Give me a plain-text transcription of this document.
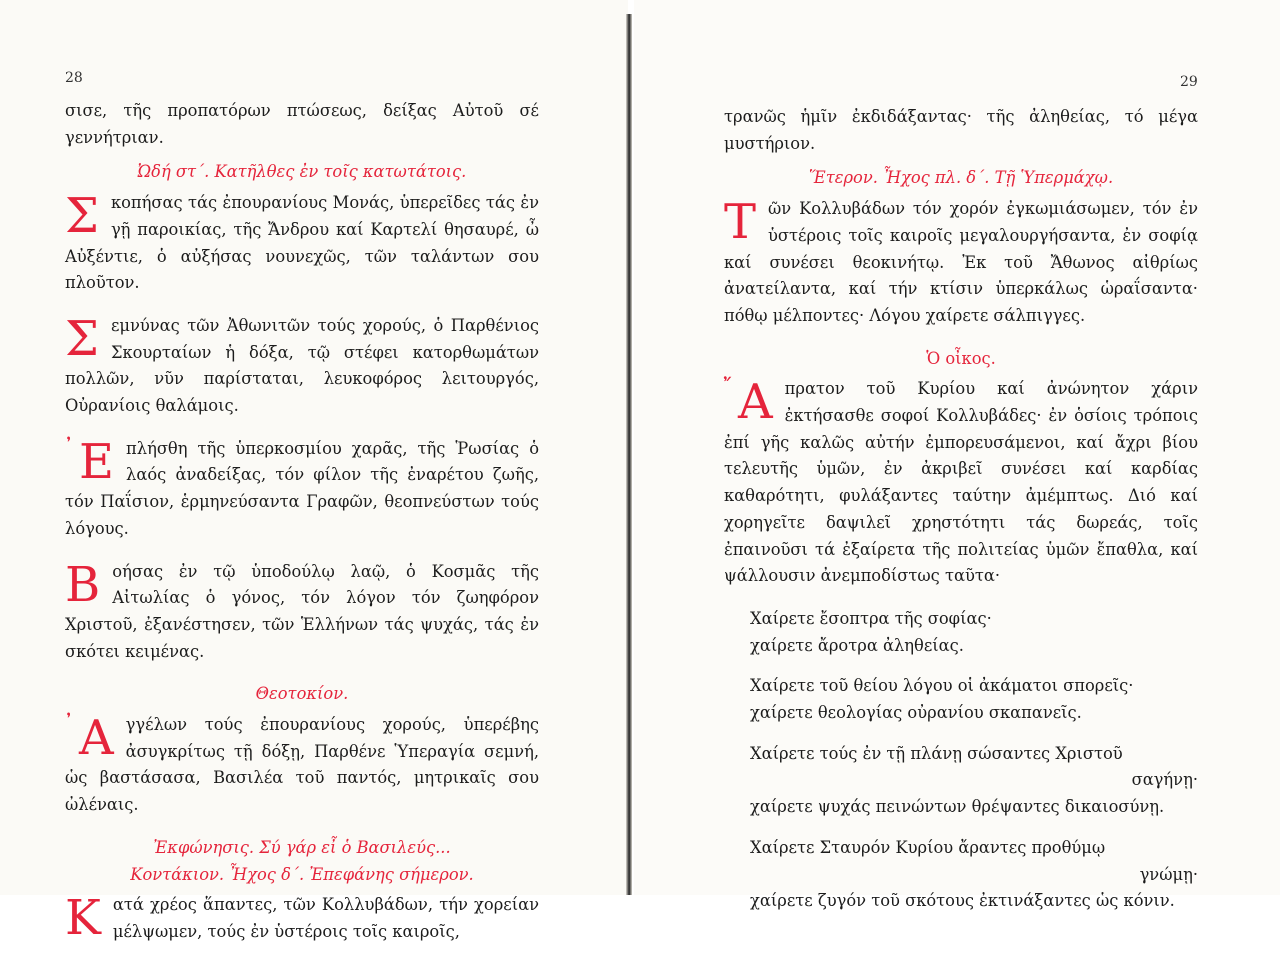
28

σισε, τῆς προπατόρων πτώσεως, δείξας Αὐτοῦ σέ γεννήτριαν.

Ὠδή στ΄. Κατῆλθες ἐν τοῖς κατωτάτοις.

Σ κοπήσας τάς ἐπουρανίους Μονάς, ὑπερεῖδες τάς ἐν γῇ παροικίας, τῆς Ἄνδρου καί Καρτελί θησαυρέ, ὦ Αὐξέντιε, ὁ αὐξήσας νουνεχῶς, τῶν ταλάντων σου πλοῦτον.

Σ εμνύνας τῶν Ἀθωνιτῶν τούς χορούς, ὁ Παρθένιος Σκουρταίων ἡ δόξα, τῷ στέφει κατορθωμάτων πολλῶν, νῦν παρίσταται, λευκοφόρος λειτουργός, Οὐρανίοις θαλάμοις.

᾿ Ε πλήσθη τῆς ὑπερκοσμίου χαρᾶς, τῆς Ῥωσίας ὁ λαός ἀναδείξας, τόν φίλον τῆς ἐναρέτου ζωῆς, τόν Παΐσιον, ἑρμηνεύσαντα Γραφῶν, θεοπνεύστων τούς λόγους.

Β οήσας ἐν τῷ ὑποδούλῳ λαῷ, ὁ Κοσμᾶς τῆς Αἰτωλίας ὁ γόνος, τόν λόγον τόν ζωηφόρον Χριστοῦ, ἐξανέστησεν, τῶν Ἑλλήνων τάς ψυχάς, τάς ἐν σκότει κειμένας.

Θεοτοκίον.

᾿ Α γγέλων τούς ἐπουρανίους χορούς, ὑπερέβης ἀσυγκρίτως τῇ δόξῃ, Παρθένε Ὑπεραγία σεμνή, ὡς βαστάσασα, Βασιλέα τοῦ παντός, μητρικαῖς σου ὠλέναις.

Ἐκφώνησις. Σύ γάρ εἶ ὁ Βασιλεύς...

Κοντάκιον. Ἦχος δ΄. Ἐπεφάνης σήμερον.

Κ ατά χρέος ἅπαντες, τῶν Κολλυβάδων, τήν χορείαν μέλψωμεν, τούς ἐν ὑστέροις τοῖς καιροῖς,

29

τρανῶς ἡμῖν ἐκδιδάξαντας· τῆς ἀληθείας, τό μέγα μυστήριον.

Ἕτερον. Ἦχος πλ. δ΄. Τῇ Ὑπερμάχῳ.

Τ ῶν Κολλυβάδων τόν χορόν ἐγκωμιάσωμεν, τόν ἐν ὑστέροις τοῖς καιροῖς μεγαλουργήσαντα, ἐν σοφίᾳ καί συνέσει θεοκινήτῳ. Ἐκ τοῦ Ἄθωνος αἰθρίως ἀνατείλαντα, καί τήν κτίσιν ὑπερκάλως ὡραΐσαντα· πόθῳ μέλποντες· Λόγου χαίρετε σάλπιγγες.

Ὁ οἶκος.

῎ Α πρατον τοῦ Κυρίου καί ἀνώνητον χάριν ἐκτήσασθε σοφοί Κολλυβάδες· ἐν ὁσίοις τρόποις ἐπί γῆς καλῶς αὐτήν ἐμπορευσάμενοι, καί ἄχρι βίου τελευτῆς ὑμῶν, ἐν ἀκριβεῖ συνέσει καί καρδίας καθαρότητι, φυλάξαντες ταύτην ἀμέμπτως. Διό καί χορηγεῖτε δαψιλεῖ χρηστότητι τάς δωρεάς, τοῖς ἐπαινοῦσι τά ἐξαίρετα τῆς πολιτείας ὑμῶν ἔπαθλα, καί ψάλλουσιν ἀνεμποδίστως ταῦτα·

Χαίρετε ἔσοπτρα τῆς σοφίας·
χαίρετε ἄροτρα ἀληθείας.
Χαίρετε τοῦ θείου λόγου οἱ ἀκάματοι σπορεῖς·
χαίρετε θεολογίας οὐρανίου σκαπανεῖς.
Χαίρετε τούς ἐν τῇ πλάνῃ σώσαντες Χριστοῦ
σαγήνῃ·
χαίρετε ψυχάς πεινώντων θρέψαντες δικαιοσύνῃ.
Χαίρετε Σταυρόν Κυρίου ἄραντες προθύμῳ
γνώμῃ·
χαίρετε ζυγόν τοῦ σκότους ἐκτινάξαντες ὡς κόνιν.
